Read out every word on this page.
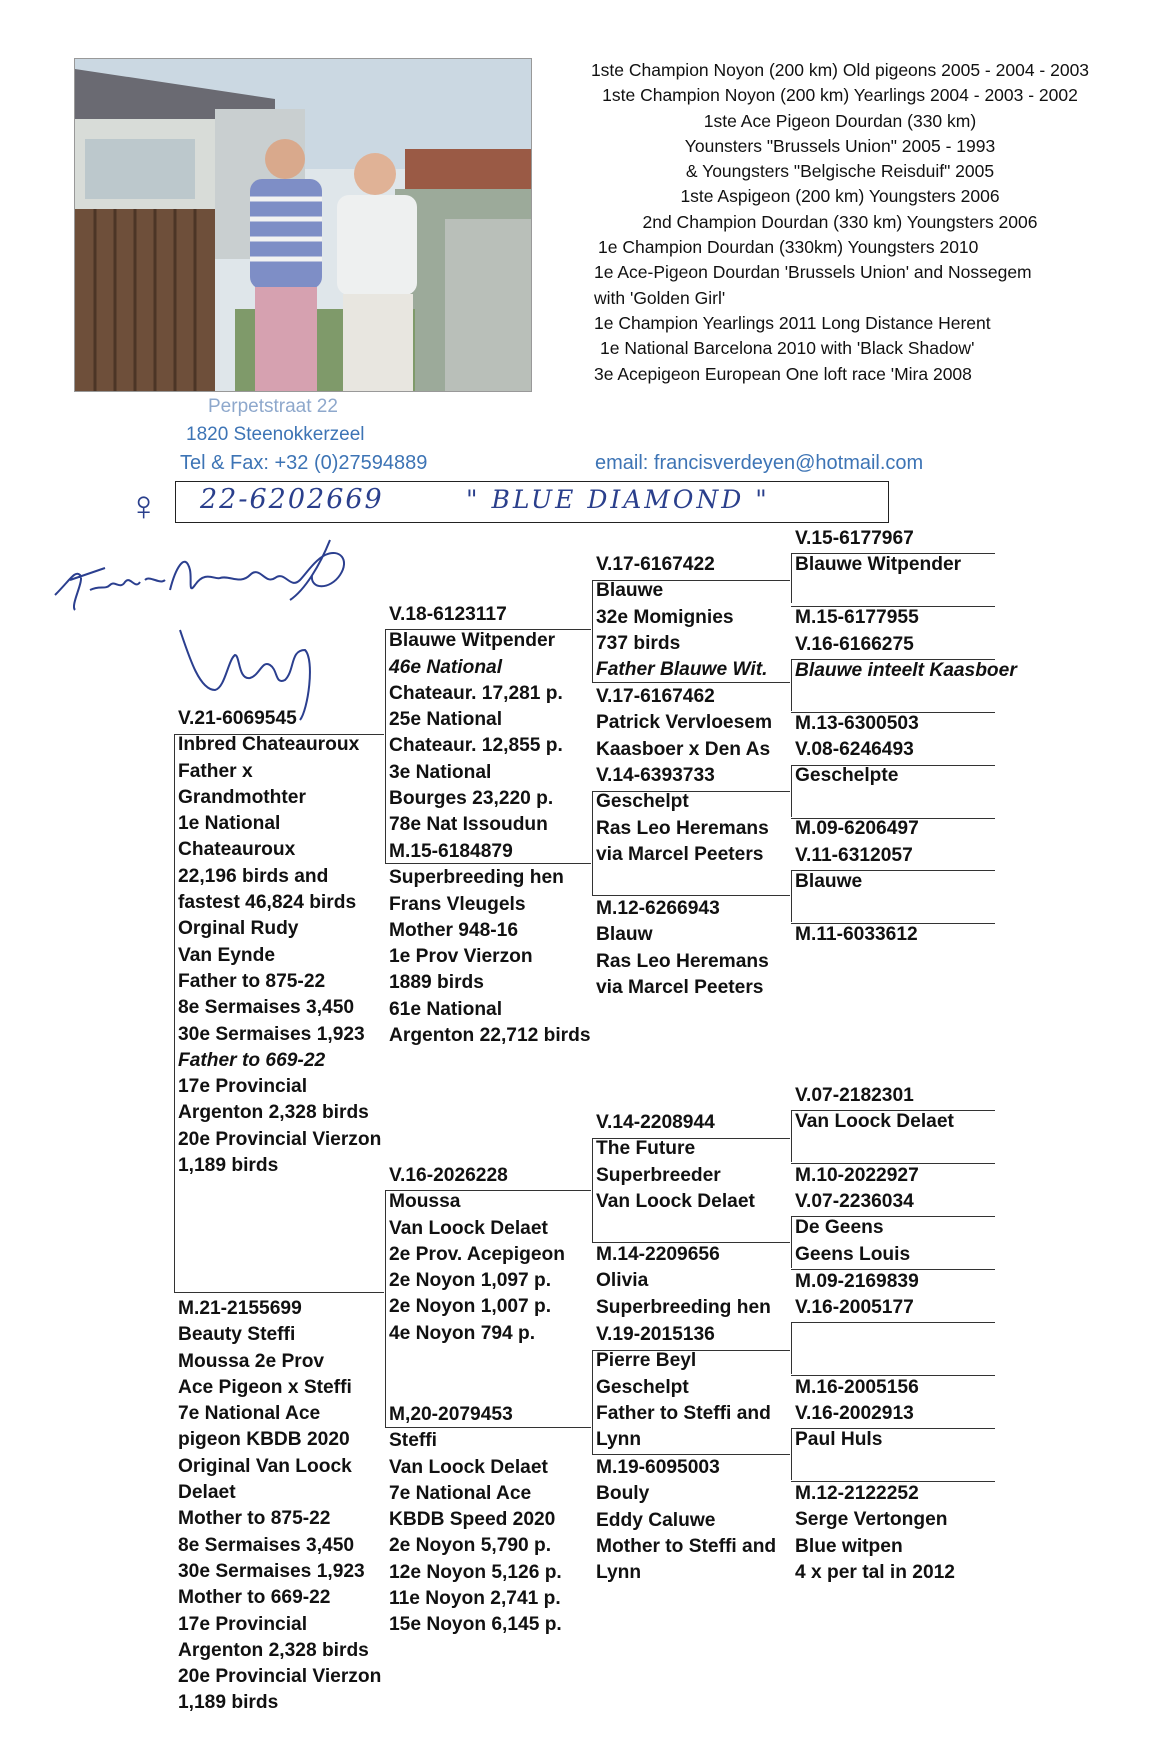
1ste Champion Noyon (200 km) Old pigeons 2005 - 2004 - 2003
1ste Champion Noyon (200 km) Yearlings 2004 - 2003 - 2002
1ste Ace Pigeon Dourdan (330 km)
Younsters "Brussels Union" 2005 - 1993
& Youngsters "Belgische Reisduif" 2005
1ste Aspigeon (200 km) Youngsters 2006
2nd Champion Dourdan (330 km) Youngsters 2006
1e Champion Dourdan (330km) Youngsters 2010
1e Ace-Pigeon Dourdan 'Brussels Union' and Nossegem
with 'Golden Girl'
1e Champion Yearlings 2011 Long Distance Herent
1e National Barcelona 2010 with 'Black Shadow'
3e Acepigeon European One loft race 'Mira 2008
Perpetstraat 22
1820 Steenokkerzeel
Tel & Fax: +32 (0)27594889	email: francisverdeyen@hotmail.com
22-6202669	" BLUE DIAMOND "
♀
V.21-6069545
Inbred Chateauroux
Father x
Grandmothter
1e National
Chateauroux
22,196 birds and
fastest 46,824 birds
Orginal Rudy
Van Eynde
Father to 875-22
8e Sermaises 3,450
30e Sermaises 1,923
Father to 669-22
17e Provincial
Argenton 2,328 birds
20e Provincial Vierzon
1,189 birds
M.21-2155699
Beauty Steffi
Moussa 2e Prov
Ace Pigeon x Steffi
7e National Ace
pigeon KBDB 2020
Original Van Loock
Delaet
Mother to 875-22
8e Sermaises 3,450
30e Sermaises 1,923
Mother to 669-22
17e Provincial
Argenton 2,328 birds
20e Provincial Vierzon
1,189 birds
V.18-6123117
Blauwe Witpender
46e National
Chateaur. 17,281 p.
25e National
Chateaur. 12,855 p.
3e National
Bourges 23,220 p.
78e Nat Issoudun
M.15-6184879
Superbreeding hen
Frans Vleugels
Mother 948-16
1e Prov Vierzon
1889 birds
61e National
Argenton 22,712 birds
V.16-2026228
Moussa
Van Loock Delaet
2e Prov. Acepigeon
2e Noyon 1,097 p.
2e Noyon 1,007 p.
4e Noyon 794 p.
M,20-2079453
Steffi
Van Loock Delaet
7e National Ace
KBDB Speed 2020
2e Noyon 5,790 p.
12e Noyon 5,126 p.
11e Noyon 2,741 p.
15e Noyon 6,145 p.
V.17-6167422
Blauwe
32e Momignies
737 birds
Father Blauwe Wit.
V.17-6167462
Patrick Vervloesem
Kaasboer x Den As
V.14-6393733
Geschelpt
Ras Leo Heremans
via Marcel Peeters
M.12-6266943
Blauw
Ras Leo Heremans
via Marcel Peeters
V.14-2208944
The Future
Superbreeder
Van Loock Delaet
M.14-2209656
Olivia
Superbreeding hen
V.19-2015136
Pierre Beyl
Geschelpt
Father to Steffi and
Lynn
M.19-6095003
Bouly
Eddy Caluwe
Mother to Steffi and
Lynn
V.15-6177967
Blauwe Witpender
M.15-6177955
V.16-6166275
Blauwe inteelt Kaasboer
M.13-6300503
V.08-6246493
Geschelpte
M.09-6206497
V.11-6312057
Blauwe
M.11-6033612
V.07-2182301
Van Loock Delaet
M.10-2022927
V.07-2236034
De Geens
Geens Louis
M.09-2169839
V.16-2005177
M.16-2005156
V.16-2002913
Paul Huls
M.12-2122252
Serge Vertongen
Blue witpen
4 x per tal in 2012
